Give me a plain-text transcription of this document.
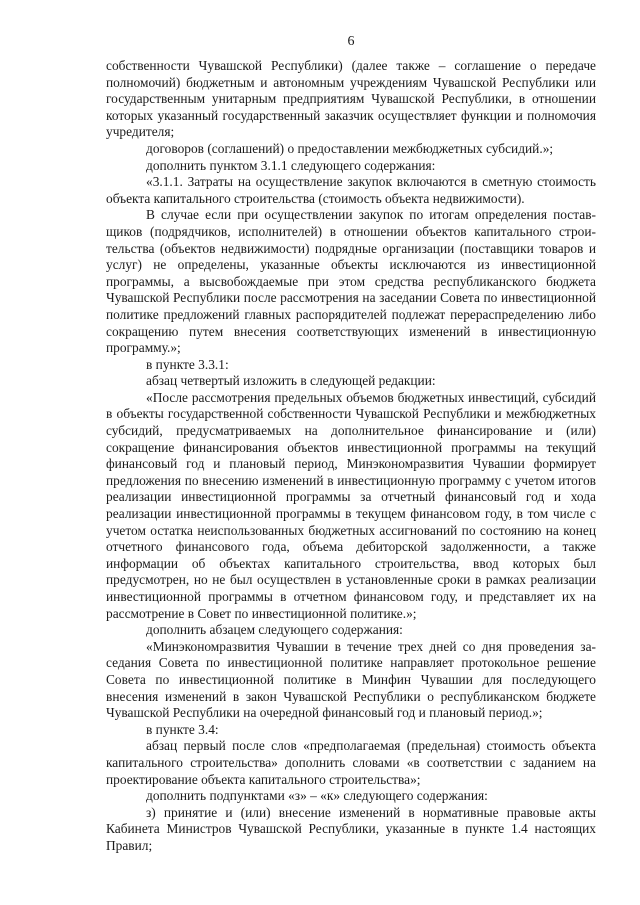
6

собственности Чувашской Республики) (далее также – соглашение о передаче полномочий) бюджетным и автономным учреждениям Чувашской Республики или государственным унитарным предприятиям Чувашской Республики, в отношении которых указанный государственный заказчик осуществляет функции и полномочия учредителя;

договоров (соглашений) о предоставлении межбюджетных субсидий.»;

дополнить пунктом 3.1.1 следующего содержания:

«3.1.1. Затраты на осуществление закупок включаются в сметную стоимость объекта капитального строительства (стоимость объекта недвижимости).

В случае если при осуществлении закупок по итогам определения поставщиков (подрядчиков, исполнителей) в отношении объектов капитального строительства (объектов недвижимости) подрядные организации (поставщики товаров и услуг) не определены, указанные объекты исключаются из инвестиционной программы, а высвобождаемые при этом средства республиканского бюджета Чувашской Республики после рассмотрения на заседании Совета по инвестиционной политике предложений главных распорядителей подлежат перераспределению либо сокращению путем внесения соответствующих изменений в инвестиционную программу.»;

в пункте 3.3.1:

абзац четвертый изложить в следующей редакции:

«После рассмотрения предельных объемов бюджетных инвестиций, субсидий в объекты государственной собственности Чувашской Республики и межбюджетных субсидий, предусматриваемых на дополнительное финансирование и (или) сокращение финансирования объектов инвестиционной программы на текущий финансовый год и плановый период, Минэкономразвития Чувашии формирует предложения по внесению изменений в инвестиционную программу с учетом итогов реализации инвестиционной программы за отчетный финансовый год и хода реализации инвестиционной программы в текущем финансовом году, в том числе с учетом остатка неиспользованных бюджетных ассигнований по состоянию на конец отчетного финансового года, объема дебиторской задолженности, а также информации об объектах капитального строительства, ввод которых был предусмотрен, но не был осуществлен в установленные сроки в рамках реализации инвестиционной программы в отчетном финансовом году, и представляет их на рассмотрение в Совет по инвестиционной политике.»;

дополнить абзацем следующего содержания:

«Минэкономразвития Чувашии в течение трех дней со дня проведения заседания Совета по инвестиционной политике направляет протокольное решение Совета по инвестиционной политике в Минфин Чувашии для последующего внесения изменений в закон Чувашской Республики о республиканском бюджете Чувашской Республики на очередной финансовый год и плановый период.»;

в пункте 3.4:

абзац первый после слов «предполагаемая (предельная) стоимость объекта капитального строительства» дополнить словами «в соответствии с заданием на проектирование объекта капитального строительства»;

дополнить подпунктами «з» – «к» следующего содержания:

з) принятие и (или) внесение изменений в нормативные правовые акты Кабинета Министров Чувашской Республики, указанные в пункте 1.4 настоящих Правил;
